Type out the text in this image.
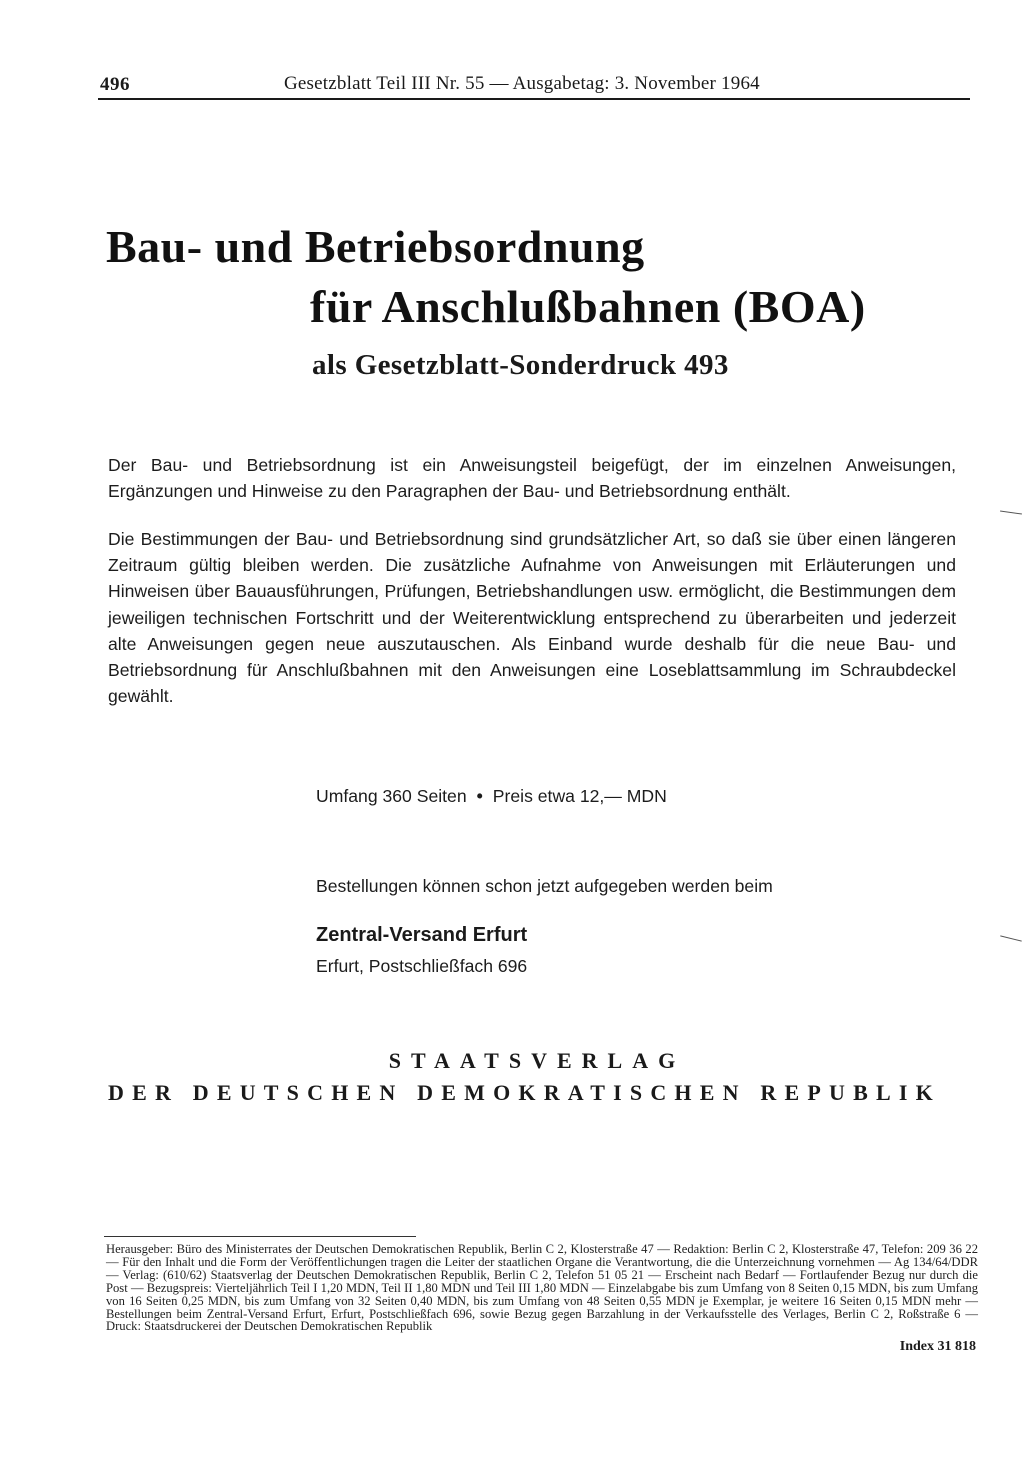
496	Gesetzblatt Teil III Nr. 55 — Ausgabetag: 3. November 1964
Bau- und Betriebsordnung
für Anschlußbahnen (BOA)
als Gesetzblatt-Sonderdruck 493
Der Bau- und Betriebsordnung ist ein Anweisungsteil beigefügt, der im einzelnen Anweisungen, Ergänzungen und Hinweise zu den Paragraphen der Bau- und Betriebsordnung enthält.
Die Bestimmungen der Bau- und Betriebsordnung sind grundsätzlicher Art, so daß sie über einen längeren Zeitraum gültig bleiben werden. Die zusätzliche Aufnahme von Anweisungen mit Erläuterungen und Hinweisen über Bauausführungen, Prüfungen, Betriebshandlungen usw. ermöglicht, die Bestimmungen dem jeweiligen technischen Fortschritt und der Weiterentwicklung entsprechend zu überarbeiten und jederzeit alte Anweisungen gegen neue auszutauschen. Als Einband wurde deshalb für die neue Bau- und Betriebsordnung für Anschlußbahnen mit den Anweisungen eine Loseblattsammlung im Schraubdeckel gewählt.
Umfang 360 Seiten • Preis etwa 12,— MDN
Bestellungen können schon jetzt aufgegeben werden beim
Zentral-Versand Erfurt
Erfurt, Postschließfach 696
STAATSVERLAG
DER DEUTSCHEN DEMOKRATISCHEN REPUBLIK
Herausgeber: Büro des Ministerrates der Deutschen Demokratischen Republik, Berlin C 2, Klosterstraße 47 — Redaktion: Berlin C 2, Klosterstraße 47, Telefon: 209 36 22 — Für den Inhalt und die Form der Veröffentlichungen tragen die Leiter der staatlichen Organe die Verantwortung, die die Unterzeichnung vornehmen — Ag 134/64/DDR — Verlag: (610/62) Staatsverlag der Deutschen Demokratischen Republik, Berlin C 2, Telefon 51 05 21 — Erscheint nach Bedarf — Fortlaufender Bezug nur durch die Post — Bezugspreis: Vierteljährlich Teil I 1,20 MDN, Teil II 1,80 MDN und Teil III 1,80 MDN — Einzelabgabe bis zum Umfang von 8 Seiten 0,15 MDN, bis zum Umfang von 16 Seiten 0,25 MDN, bis zum Umfang von 32 Seiten 0,40 MDN, bis zum Umfang von 48 Seiten 0,55 MDN je Exemplar, je weitere 16 Seiten 0,15 MDN mehr — Bestellungen beim Zentral-Versand Erfurt, Erfurt, Postschließfach 696, sowie Bezug gegen Barzahlung in der Verkaufsstelle des Verlages, Berlin C 2, Roßstraße 6 — Druck: Staatsdruckerei der Deutschen Demokratischen Republik
Index 31 818
